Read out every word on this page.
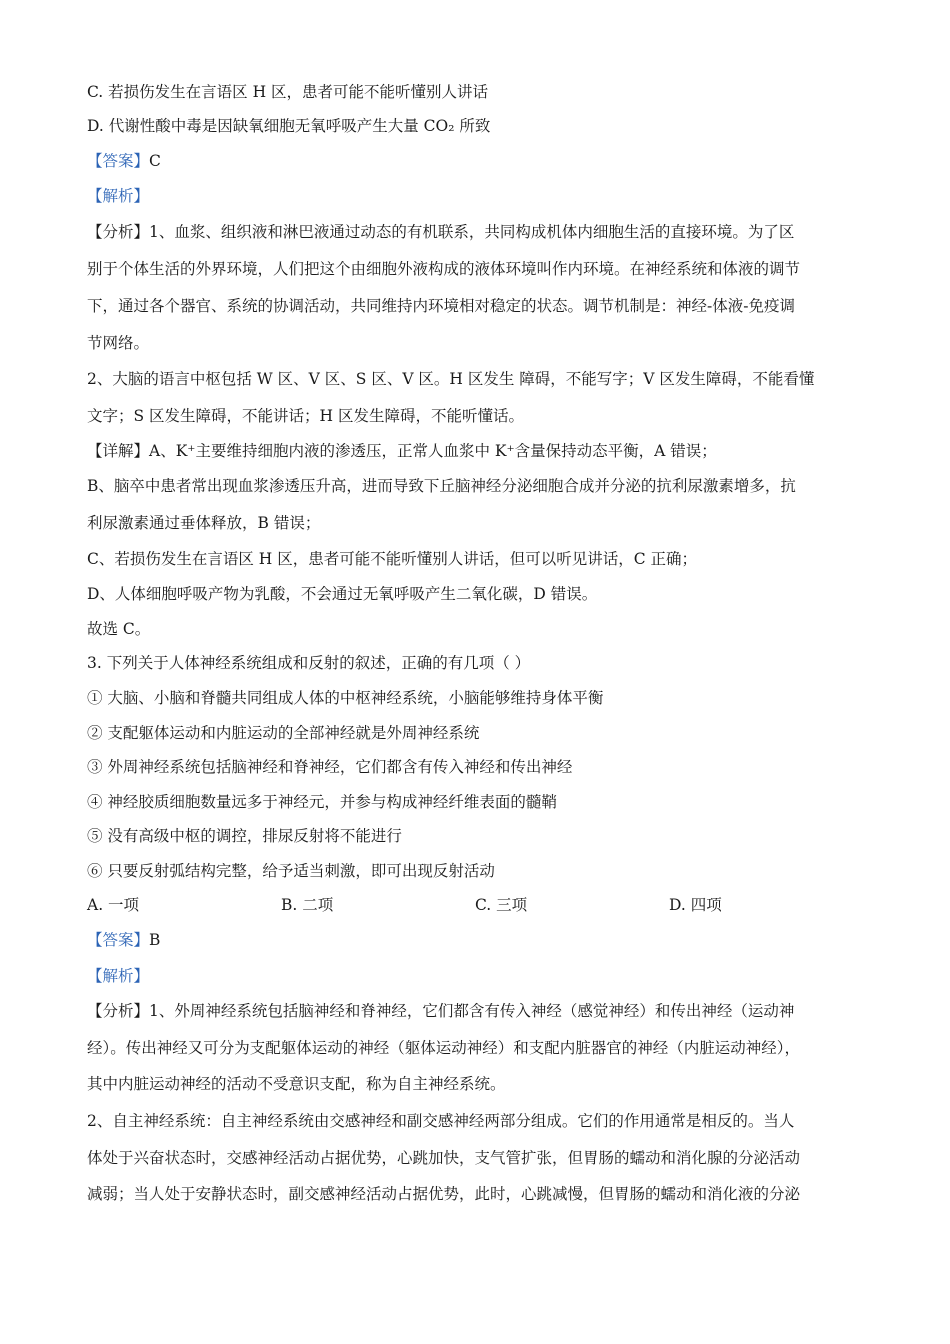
C. 若损伤发生在言语区 H 区，患者可能不能听懂别人讲话
D. 代谢性酸中毒是因缺氧细胞无氧呼吸产生大量 CO₂ 所致
【答案】C
【解析】
【分析】1、血浆、组织液和淋巴液通过动态的有机联系，共同构成机体内细胞生活的直接环境。为了区
别于个体生活的外界环境，人们把这个由细胞外液构成的液体环境叫作内环境。在神经系统和体液的调节
下，通过各个器官、系统的协调活动，共同维持内环境相对稳定的状态。调节机制是：神经-体液-免疫调
节网络。
2、大脑的语言中枢包括 W 区、V 区、S 区、V 区。H 区发生 障碍，不能写字；V 区发生障碍，不能看懂
文字；S 区发生障碍，不能讲话；H 区发生障碍，不能听懂话。
【详解】A、K⁺主要维持细胞内液的渗透压，正常人血浆中 K⁺含量保持动态平衡，A 错误；
B、脑卒中患者常出现血浆渗透压升高，进而导致下丘脑神经分泌细胞合成并分泌的抗利尿激素增多，抗
利尿激素通过垂体释放，B 错误；
C、若损伤发生在言语区 H 区，患者可能不能听懂别人讲话，但可以听见讲话，C 正确；
D、人体细胞呼吸产物为乳酸，不会通过无氧呼吸产生二氧化碳，D 错误。
故选 C。
3. 下列关于人体神经系统组成和反射的叙述，正确的有几项（ ）
① 大脑、小脑和脊髓共同组成人体的中枢神经系统，小脑能够维持身体平衡
② 支配躯体运动和内脏运动的全部神经就是外周神经系统
③ 外周神经系统包括脑神经和脊神经，它们都含有传入神经和传出神经
④ 神经胶质细胞数量远多于神经元，并参与构成神经纤维表面的髓鞘
⑤ 没有高级中枢的调控，排尿反射将不能进行
⑥ 只要反射弧结构完整，给予适当刺激，即可出现反射活动
A. 一项	B. 二项	C. 三项	D. 四项
【答案】B
【解析】
【分析】1、外周神经系统包括脑神经和脊神经，它们都含有传入神经（感觉神经）和传出神经（运动神
经）。传出神经又可分为支配躯体运动的神经（躯体运动神经）和支配内脏器官的神经（内脏运动神经），
其中内脏运动神经的活动不受意识支配，称为自主神经系统。
2、自主神经系统：自主神经系统由交感神经和副交感神经两部分组成。它们的作用通常是相反的。当人
体处于兴奋状态时，交感神经活动占据优势，心跳加快，支气管扩张，但胃肠的蠕动和消化腺的分泌活动
减弱；当人处于安静状态时，副交感神经活动占据优势，此时，心跳减慢，但胃肠的蠕动和消化液的分泌
